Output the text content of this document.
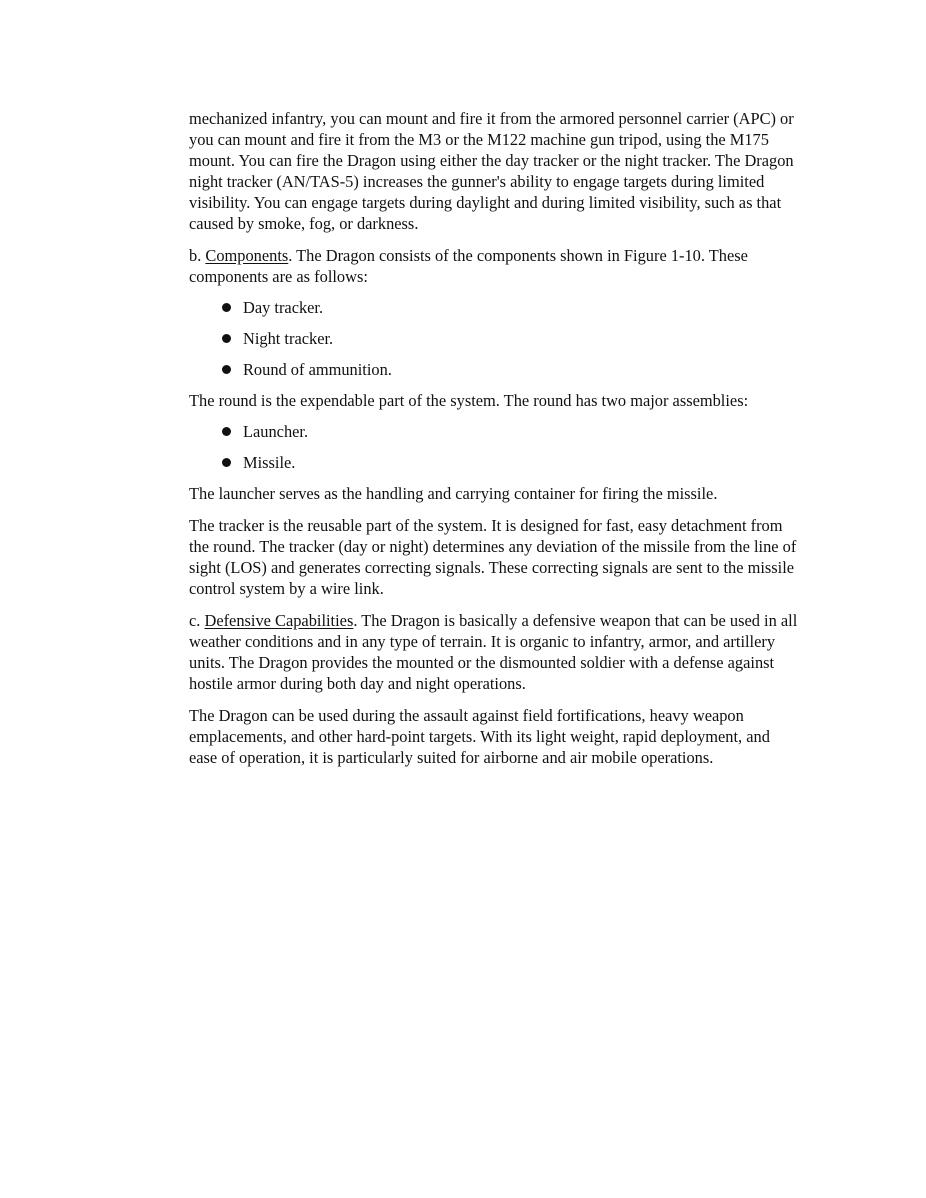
mechanized infantry, you can mount and fire it from the armored personnel carrier (APC) or you can mount and fire it from the M3 or the M122 machine gun tripod, using the M175 mount. You can fire the Dragon using either the day tracker or the night tracker. The Dragon night tracker (AN/TAS-5) increases the gunner's ability to engage targets during limited visibility. You can engage targets during daylight and during limited visibility, such as that caused by smoke, fog, or darkness.

b. Components. The Dragon consists of the components shown in Figure 1-10. These components are as follows:

Day tracker.
Night tracker.
Round of ammunition.

The round is the expendable part of the system. The round has two major assemblies:

Launcher.
Missile.

The launcher serves as the handling and carrying container for firing the missile.

The tracker is the reusable part of the system. It is designed for fast, easy detachment from the round. The tracker (day or night) determines any deviation of the missile from the line of sight (LOS) and generates correcting signals. These correcting signals are sent to the missile control system by a wire link.

c. Defensive Capabilities. The Dragon is basically a defensive weapon that can be used in all weather conditions and in any type of terrain. It is organic to infantry, armor, and artillery units. The Dragon provides the mounted or the dismounted soldier with a defense against hostile armor during both day and night operations.

The Dragon can be used during the assault against field fortifications, heavy weapon emplacements, and other hard-point targets. With its light weight, rapid deployment, and ease of operation, it is particularly suited for airborne and air mobile operations.
